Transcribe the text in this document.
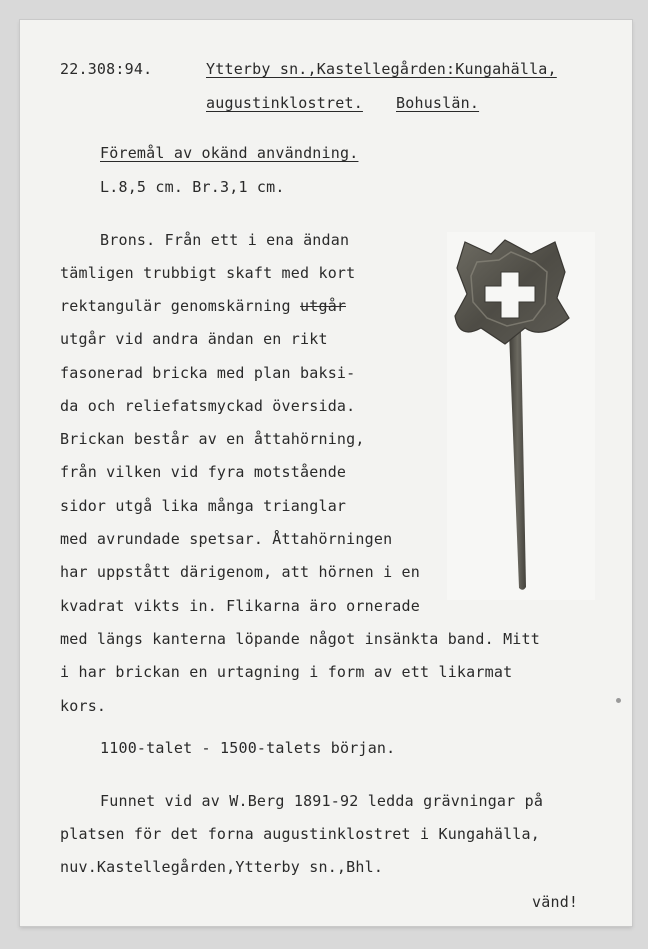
22.308:94.	Ytterby sn.,Kastellegården:Kungahälla,
augustinklostret. Bohuslän.
Föremål av okänd användning.
L.8,5 cm. Br.3,1 cm.
Brons. Från ett i ena ändan
tämligen trubbigt skaft med kort
rektangulär genomskärning utgår
utgår vid andra ändan en rikt
fasonerad bricka med plan baksi-
da och reliefatsmyckad översida.
Brickan består av en åttahörning,
från vilken vid fyra motstående
sidor utgå lika många trianglar
med avrundade spetsar. Åttahörningen
har uppstått därigenom, att hörnen i en
kvadrat vikts in. Flikarna äro ornerade
med längs kanterna löpande något insänkta band. Mitt
i har brickan en urtagning i form av ett likarmat
kors.
1100-talet - 1500-talets början.
Funnet vid av W.Berg 1891-92 ledda grävningar på
platsen för det forna augustinklostret i Kungahälla,
nuv.Kastellegården,Ytterby sn.,Bhl.
vänd!
